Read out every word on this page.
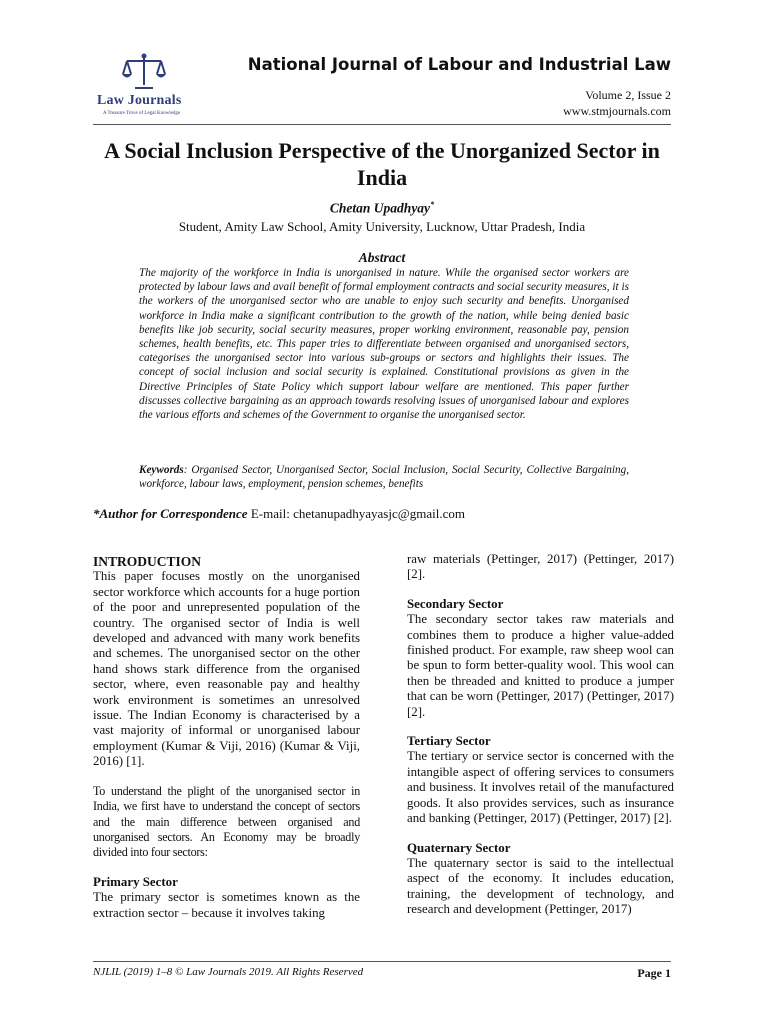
Law Journals
A Treasure Trove of Legal Knowledge
National Journal of Labour and Industrial Law
Volume 2, Issue 2
www.stmjournals.com
A Social Inclusion Perspective of the Unorganized Sector in India
Chetan Upadhyay*
Student, Amity Law School, Amity University, Lucknow, Uttar Pradesh, India
Abstract
The majority of the workforce in India is unorganised in nature. While the organised sector workers are protected by labour laws and avail benefit of formal employment contracts and social security measures, it is the workers of the unorganised sector who are unable to enjoy such security and benefits. Unorganised workforce in India make a significant contribution to the growth of the nation, while being denied basic benefits like job security, social security measures, proper working environment, reasonable pay, pension schemes, health benefits, etc. This paper tries to differentiate between organised and unorganised sectors, categorises the unorganised sector into various sub-groups or sectors and highlights their issues. The concept of social inclusion and social security is explained. Constitutional provisions as given in the Directive Principles of State Policy which support labour welfare are mentioned. This paper further discusses collective bargaining as an approach towards resolving issues of unorganised labour and explores the various efforts and schemes of the Government to organise the unorganised sector.
Keywords: Organised Sector, Unorganised Sector, Social Inclusion, Social Security, Collective Bargaining, workforce, labour laws, employment, pension schemes, benefits
*Author for Correspondence E-mail: chetanupadhyayasjc@gmail.com

INTRODUCTION

This paper focuses mostly on the unorganised sector workforce which accounts for a huge portion of the poor and unrepresented population of the country. The organised sector of India is well developed and advanced with many work benefits and schemes. The unorganised sector on the other hand shows stark difference from the organised sector, where, even reasonable pay and healthy work environment is sometimes an unresolved issue. The Indian Economy is characterised by a vast majority of informal or unorganised labour employment (Kumar & Viji, 2016) (Kumar & Viji, 2016) [1].

To understand the plight of the unorganised sector in India, we first have to understand the concept of sectors and the main difference between organised and unorganised sectors. An Economy may be broadly divided into four sectors:

Primary Sector

The primary sector is sometimes known as the extraction sector – because it involves taking

raw materials (Pettinger, 2017) (Pettinger, 2017) [2].

Secondary Sector

The secondary sector takes raw materials and combines them to produce a higher value-added finished product. For example, raw sheep wool can be spun to form better-quality wool. This wool can then be threaded and knitted to produce a jumper that can be worn (Pettinger, 2017) (Pettinger, 2017) [2].

Tertiary Sector

The tertiary or service sector is concerned with the intangible aspect of offering services to consumers and business. It involves retail of the manufactured goods. It also provides services, such as insurance and banking (Pettinger, 2017) (Pettinger, 2017) [2].

Quaternary Sector

The quaternary sector is said to the intellectual aspect of the economy. It includes education, training, the development of technology, and research and development (Pettinger, 2017)

NJLIL (2019) 1–8 © Law Journals 2019. All Rights Reserved	Page 1
